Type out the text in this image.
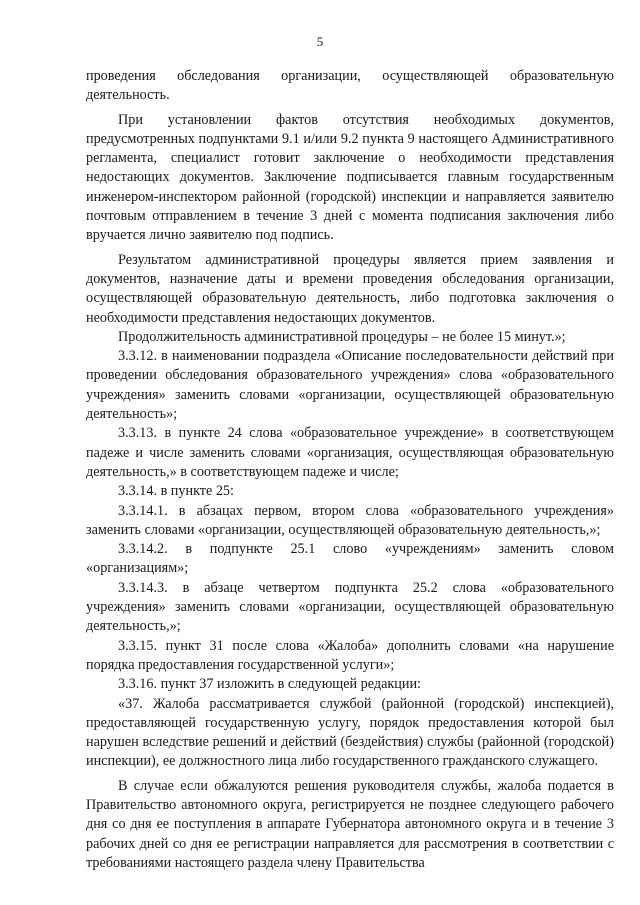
5

проведения обследования организации, осуществляющей образовательную деятельность.

При установлении фактов отсутствия необходимых документов, предусмотренных подпунктами 9.1 и/или 9.2 пункта 9 настоящего Административного регламента, специалист готовит заключение о необходимости представления недостающих документов. Заключение подписывается главным государственным инженером-инспектором районной (городской) инспекции и направляется заявителю почтовым отправлением в течение 3 дней с момента подписания заключения либо вручается лично заявителю под подпись.

Результатом административной процедуры является прием заявления и документов, назначение даты и времени проведения обследования организации, осуществляющей образовательную деятельность, либо подготовка заключения о необходимости представления недостающих документов.

Продолжительность административной процедуры – не более 15 минут.»;

3.3.12. в наименовании подраздела «Описание последовательности действий при проведении обследования образовательного учреждения» слова «образовательного учреждения» заменить словами «организации, осуществляющей образовательную деятельность»;

3.3.13. в пункте 24 слова «образовательное учреждение» в соответствующем падеже и числе заменить словами «организация, осуществляющая образовательную деятельность,» в соответствующем падеже и числе;

3.3.14. в пункте 25:

3.3.14.1. в абзацах первом, втором слова «образовательного учреждения» заменить словами «организации, осуществляющей образовательную деятельность,»;

3.3.14.2. в подпункте 25.1 слово «учреждениям» заменить словом «организациям»;

3.3.14.3. в абзаце четвертом подпункта 25.2 слова «образовательного учреждения» заменить словами «организации, осуществляющей образовательную деятельность,»;

3.3.15. пункт 31 после слова «Жалоба» дополнить словами «на нарушение порядка предоставления государственной услуги»;

3.3.16. пункт 37 изложить в следующей редакции:

«37. Жалоба рассматривается службой (районной (городской) инспекцией), предоставляющей государственную услугу, порядок предоставления которой был нарушен вследствие решений и действий (бездействия) службы (районной (городской) инспекции), ее должностного лица либо государственного гражданского служащего.

В случае если обжалуются решения руководителя службы, жалоба подается в Правительство автономного округа, регистрируется не позднее следующего рабочего дня со дня ее поступления в аппарате Губернатора автономного округа и в течение 3 рабочих дней со дня ее регистрации направляется для рассмотрения в соответствии с требованиями настоящего раздела члену Правительства
